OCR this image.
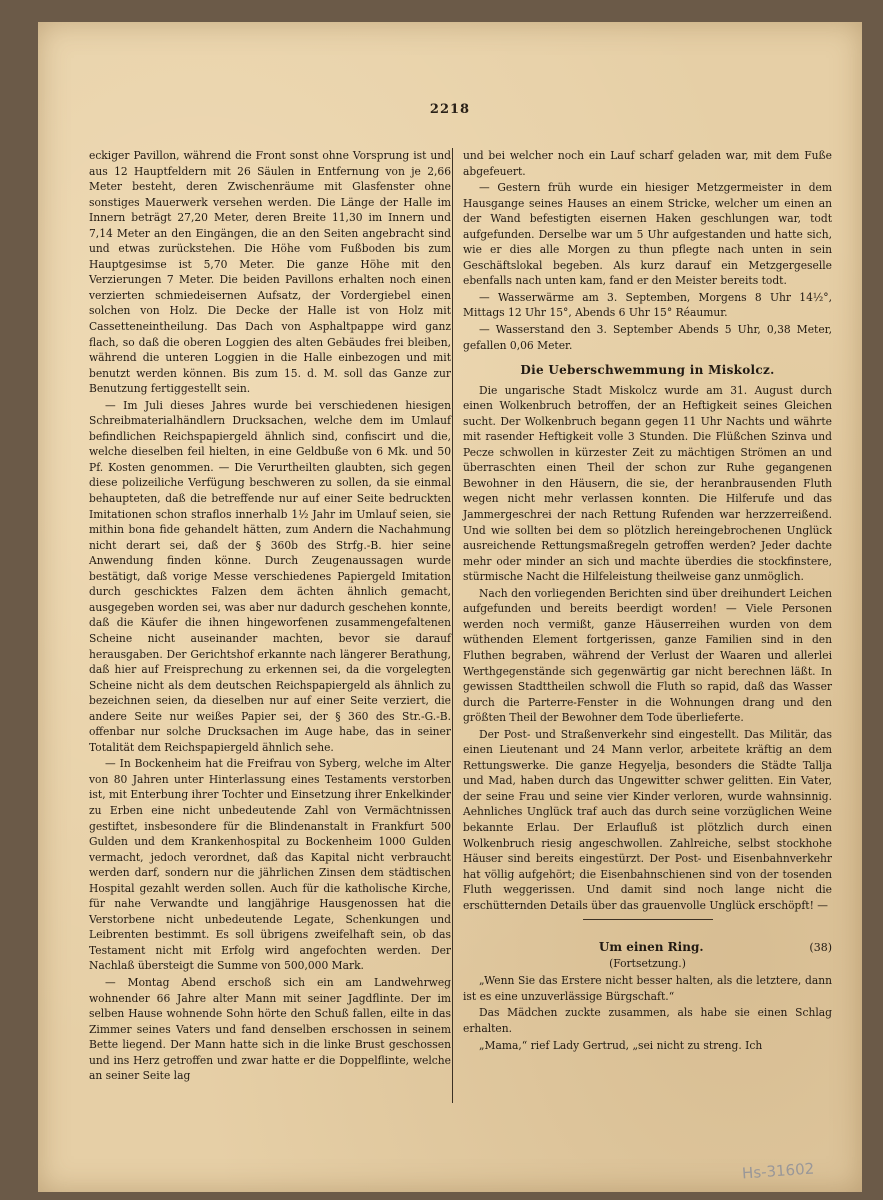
2218

eckiger Pavillon, während die Front sonst ohne Vorsprung ist und aus 12 Hauptfeldern mit 26 Säulen in Entfernung von je 2,66 Meter besteht, deren Zwischenräume mit Glasfenster ohne sonstiges Mauerwerk versehen werden. Die Länge der Halle im Innern beträgt 27,20 Meter, deren Breite 11,30 im Innern und 7,14 Meter an den Eingängen, die an den Seiten angebracht sind und etwas zurückstehen. Die Höhe vom Fußboden bis zum Hauptgesimse ist 5,70 Meter. Die ganze Höhe mit den Verzierungen 7 Meter. Die beiden Pavillons erhalten noch einen verzierten schmiedeisernen Aufsatz, der Vordergiebel einen solchen von Holz. Die Decke der Halle ist von Holz mit Cassetteneintheilung. Das Dach von Asphaltpappe wird ganz flach, so daß die oberen Loggien des alten Gebäudes frei bleiben, während die unteren Loggien in die Halle einbezogen und mit benutzt werden können. Bis zum 15. d. M. soll das Ganze zur Benutzung fertiggestellt sein.

— Im Juli dieses Jahres wurde bei verschiedenen hiesigen Schreibmaterialhändlern Drucksachen, welche dem im Umlauf befindlichen Reichspapiergeld ähnlich sind, confiscirt und die, welche dieselben feil hielten, in eine Geldbuße von 6 Mk. und 50 Pf. Kosten genommen. — Die Verurtheilten glaubten, sich gegen diese polizeiliche Verfügung beschweren zu sollen, da sie einmal behaupteten, daß die betreffende nur auf einer Seite bedruckten Imitationen schon straflos innerhalb 1½ Jahr im Umlauf seien, sie mithin bona fide gehandelt hätten, zum Andern die Nachahmung nicht derart sei, daß der § 360b des Strfg.-B. hier seine Anwendung finden könne. Durch Zeugenaussagen wurde bestätigt, daß vorige Messe verschiedenes Papiergeld Imitation durch geschicktes Falzen dem ächten ähnlich gemacht, ausgegeben worden sei, was aber nur dadurch geschehen konnte, daß die Käufer die ihnen hingeworfenen zusammengefaltenen Scheine nicht auseinander machten, bevor sie darauf herausgaben. Der Gerichtshof erkannte nach längerer Berathung, daß hier auf Freisprechung zu erkennen sei, da die vorgelegten Scheine nicht als dem deutschen Reichspapiergeld als ähnlich zu bezeichnen seien, da dieselben nur auf einer Seite verziert, die andere Seite nur weißes Papier sei, der § 360 des Str.-G.-B. offenbar nur solche Drucksachen im Auge habe, das in seiner Totalität dem Reichspapiergeld ähnlich sehe.

— In Bockenheim hat die Freifrau von Syberg, welche im Alter von 80 Jahren unter Hinterlassung eines Testaments verstorben ist, mit Enterbung ihrer Tochter und Einsetzung ihrer Enkelkinder zu Erben eine nicht unbedeutende Zahl von Vermächtnissen gestiftet, insbesondere für die Blindenanstalt in Frankfurt 500 Gulden und dem Krankenhospital zu Bockenheim 1000 Gulden vermacht, jedoch verordnet, daß das Kapital nicht verbraucht werden darf, sondern nur die jährlichen Zinsen dem städtischen Hospital gezahlt werden sollen. Auch für die katholische Kirche, für nahe Verwandte und langjährige Hausgenossen hat die Verstorbene nicht unbedeutende Legate, Schenkungen und Leibrenten bestimmt. Es soll übrigens zweifelhaft sein, ob das Testament nicht mit Erfolg wird angefochten werden. Der Nachlaß übersteigt die Summe von 500,000 Mark.

— Montag Abend erschoß sich ein am Landwehrweg wohnender 66 Jahre alter Mann mit seiner Jagdflinte. Der im selben Hause wohnende Sohn hörte den Schuß fallen, eilte in das Zimmer seines Vaters und fand denselben erschossen in seinem Bette liegend. Der Mann hatte sich in die linke Brust geschossen und ins Herz getroffen und zwar hatte er die Doppelflinte, welche an seiner Seite lag

und bei welcher noch ein Lauf scharf geladen war, mit dem Fuße abgefeuert.

— Gestern früh wurde ein hiesiger Metzgermeister in dem Hausgange seines Hauses an einem Stricke, welcher um einen an der Wand befestigten eisernen Haken geschlungen war, todt aufgefunden. Derselbe war um 5 Uhr aufgestanden und hatte sich, wie er dies alle Morgen zu thun pflegte nach unten in sein Geschäftslokal begeben. Als kurz darauf ein Metzgergeselle ebenfalls nach unten kam, fand er den Meister bereits todt.

— Wasserwärme am 3. Septemben, Morgens 8 Uhr 14½°, Mittags 12 Uhr 15°, Abends 6 Uhr 15° Réaumur.

— Wasserstand den 3. September Abends 5 Uhr, 0,38 Meter, gefallen 0,06 Meter.

Die Ueberschwemmung in Miskolcz.

Die ungarische Stadt Miskolcz wurde am 31. August durch einen Wolkenbruch betroffen, der an Heftigkeit seines Gleichen sucht. Der Wolkenbruch begann gegen 11 Uhr Nachts und währte mit rasender Heftigkeit volle 3 Stunden. Die Flüßchen Szinva und Pecze schwollen in kürzester Zeit zu mächtigen Strömen an und überraschten einen Theil der schon zur Ruhe gegangenen Bewohner in den Häusern, die sie, der heranbrausenden Fluth wegen nicht mehr verlassen konnten. Die Hilferufe und das Jammergeschrei der nach Rettung Rufenden war herzzerreißend. Und wie sollten bei dem so plötzlich hereingebrochenen Unglück ausreichende Rettungsmaßregeln getroffen werden? Jeder dachte mehr oder minder an sich und machte überdies die stockfinstere, stürmische Nacht die Hilfeleistung theilweise ganz unmöglich.

Nach den vorliegenden Berichten sind über dreihundert Leichen aufgefunden und bereits beerdigt worden! — Viele Personen werden noch vermißt, ganze Häuserreihen wurden von dem wüthenden Element fortgerissen, ganze Familien sind in den Fluthen begraben, während der Verlust der Waaren und allerlei Werthgegenstände sich gegenwärtig gar nicht berechnen läßt. In gewissen Stadttheilen schwoll die Fluth so rapid, daß das Wasser durch die Parterre-Fenster in die Wohnungen drang und den größten Theil der Bewohner dem Tode überlieferte.

Der Post- und Straßenverkehr sind eingestellt. Das Militär, das einen Lieutenant und 24 Mann verlor, arbeitete kräftig an dem Rettungswerke. Die ganze Hegyelja, besonders die Städte Tallja und Mad, haben durch das Ungewitter schwer gelitten. Ein Vater, der seine Frau und seine vier Kinder verloren, wurde wahnsinnig. Aehnliches Unglück traf auch das durch seine vorzüglichen Weine bekannte Erlau. Der Erlaufluß ist plötzlich durch einen Wolkenbruch riesig angeschwollen. Zahlreiche, selbst stockhohe Häuser sind bereits eingestürzt. Der Post- und Eisenbahnverkehr hat völlig aufgehört; die Eisenbahnschienen sind von der tosenden Fluth weggerissen. Und damit sind noch lange nicht die erschütternden Details über das grauenvolle Unglück erschöpft! —

Um einen Ring.	(38)
(Fortsetzung.)

„Wenn Sie das Erstere nicht besser halten, als die letztere, dann ist es eine unzuverlässige Bürgschaft.“

Das Mädchen zuckte zusammen, als habe sie einen Schlag erhalten.

„Mama,“ rief Lady Gertrud, „sei nicht zu streng. Ich

Hs-31602
